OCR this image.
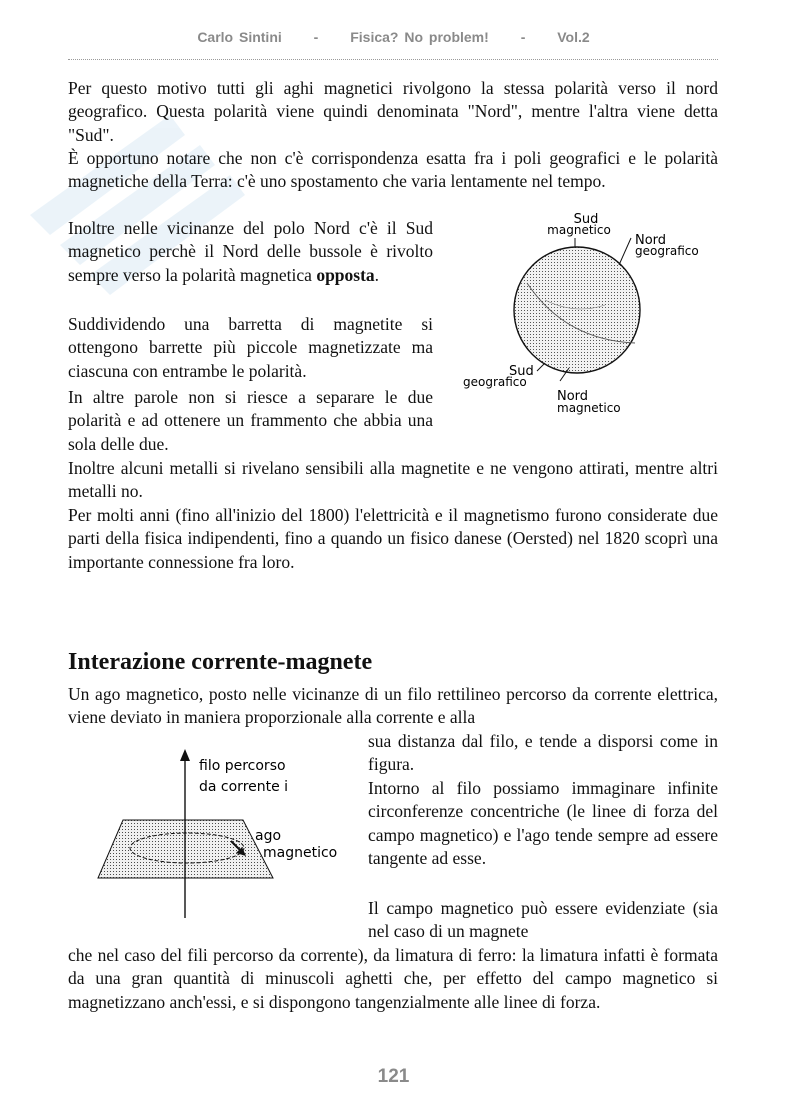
Carlo Sintini - Fisica? No problem! - Vol.2

Per questo motivo tutti gli aghi magnetici rivolgono la stessa polarità verso il nord geografico. Questa polarità viene quindi denominata "Nord", mentre l'altra viene detta "Sud".

È opportuno notare che non c'è corrispondenza esatta fra i poli geografici e le polarità magnetiche della Terra: c'è uno spostamento che varia lentamente nel tempo.

Inoltre nelle vicinanze del polo Nord c'è il Sud magnetico perchè il Nord delle bussole è rivolto sempre verso la polarità magnetica opposta.

Suddividendo una barretta di magnetite si ottengono barrette più piccole magnetizzate ma ciascuna con entrambe le polarità.

In altre parole non si riesce a separare le due polarità e ad ottenere un frammento che abbia una sola delle due.

Sud
magnetico
Nord
geografico
Sud
geografico
Nord
magnetico

Inoltre alcuni metalli si rivelano sensibili alla magnetite e ne vengono attirati, mentre altri metalli no.

Per molti anni (fino all'inizio del 1800) l'elettricità e il magnetismo furono considerate due parti della fisica indipendenti, fino a quando un fisico danese (Oersted) nel 1820 scoprì una importante connessione fra loro.

Interazione corrente-magnete

Un ago magnetico, posto nelle vicinanze di un filo rettilineo percorso da corrente elettrica, viene deviato in maniera proporzionale alla corrente e alla

sua distanza dal filo, e tende a disporsi come in figura.

Intorno al filo possiamo immaginare infinite circonferenze concentriche (le linee di forza del campo magnetico) e l'ago tende sempre ad essere tangente ad esse.

Il campo magnetico può essere evidenziate (sia nel caso di un magnete

che nel caso del fili percorso da corrente), da limatura di ferro: la limatura infatti è formata da una gran quantità di minuscoli aghetti che, per effetto del campo magnetico si magnetizzano anch'essi, e si dispongono tangenzialmente alle linee di forza.

filo percorso
da corrente i
ago
magnetico
121
